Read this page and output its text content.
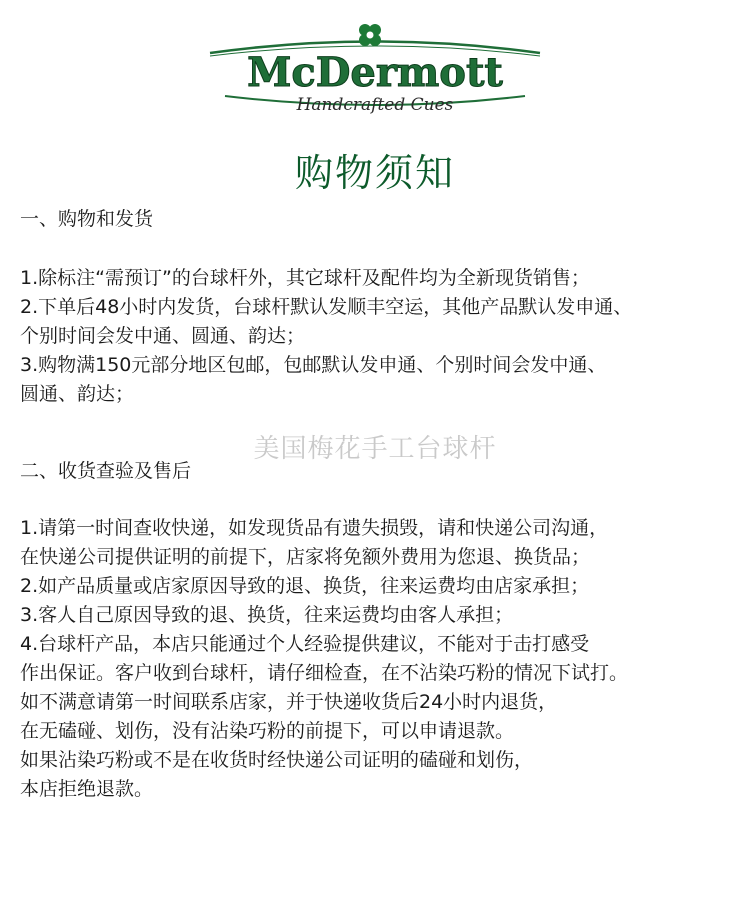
McDermott
Handcrafted Cues
购物须知
一、购物和发货
1.除标注“需预订”的台球杆外，其它球杆及配件均为全新现货销售；
2.下单后48小时内发货，台球杆默认发顺丰空运，其他产品默认发申通、
个别时间会发中通、圆通、韵达；
3.购物满150元部分地区包邮，包邮默认发申通、个别时间会发中通、
圆通、韵达；
美国梅花手工台球杆
二、收货查验及售后
1.请第一时间查收快递，如发现货品有遗失损毁，请和快递公司沟通，
在快递公司提供证明的前提下，店家将免额外费用为您退、换货品；
2.如产品质量或店家原因导致的退、换货，往来运费均由店家承担；
3.客人自己原因导致的退、换货，往来运费均由客人承担；
4.台球杆产品，本店只能通过个人经验提供建议，不能对于击打感受
作出保证。客户收到台球杆，请仔细检查，在不沾染巧粉的情况下试打。
如不满意请第一时间联系店家，并于快递收货后24小时内退货，
在无磕碰、划伤，没有沾染巧粉的前提下，可以申请退款。
如果沾染巧粉或不是在收货时经快递公司证明的磕碰和划伤，
本店拒绝退款。
